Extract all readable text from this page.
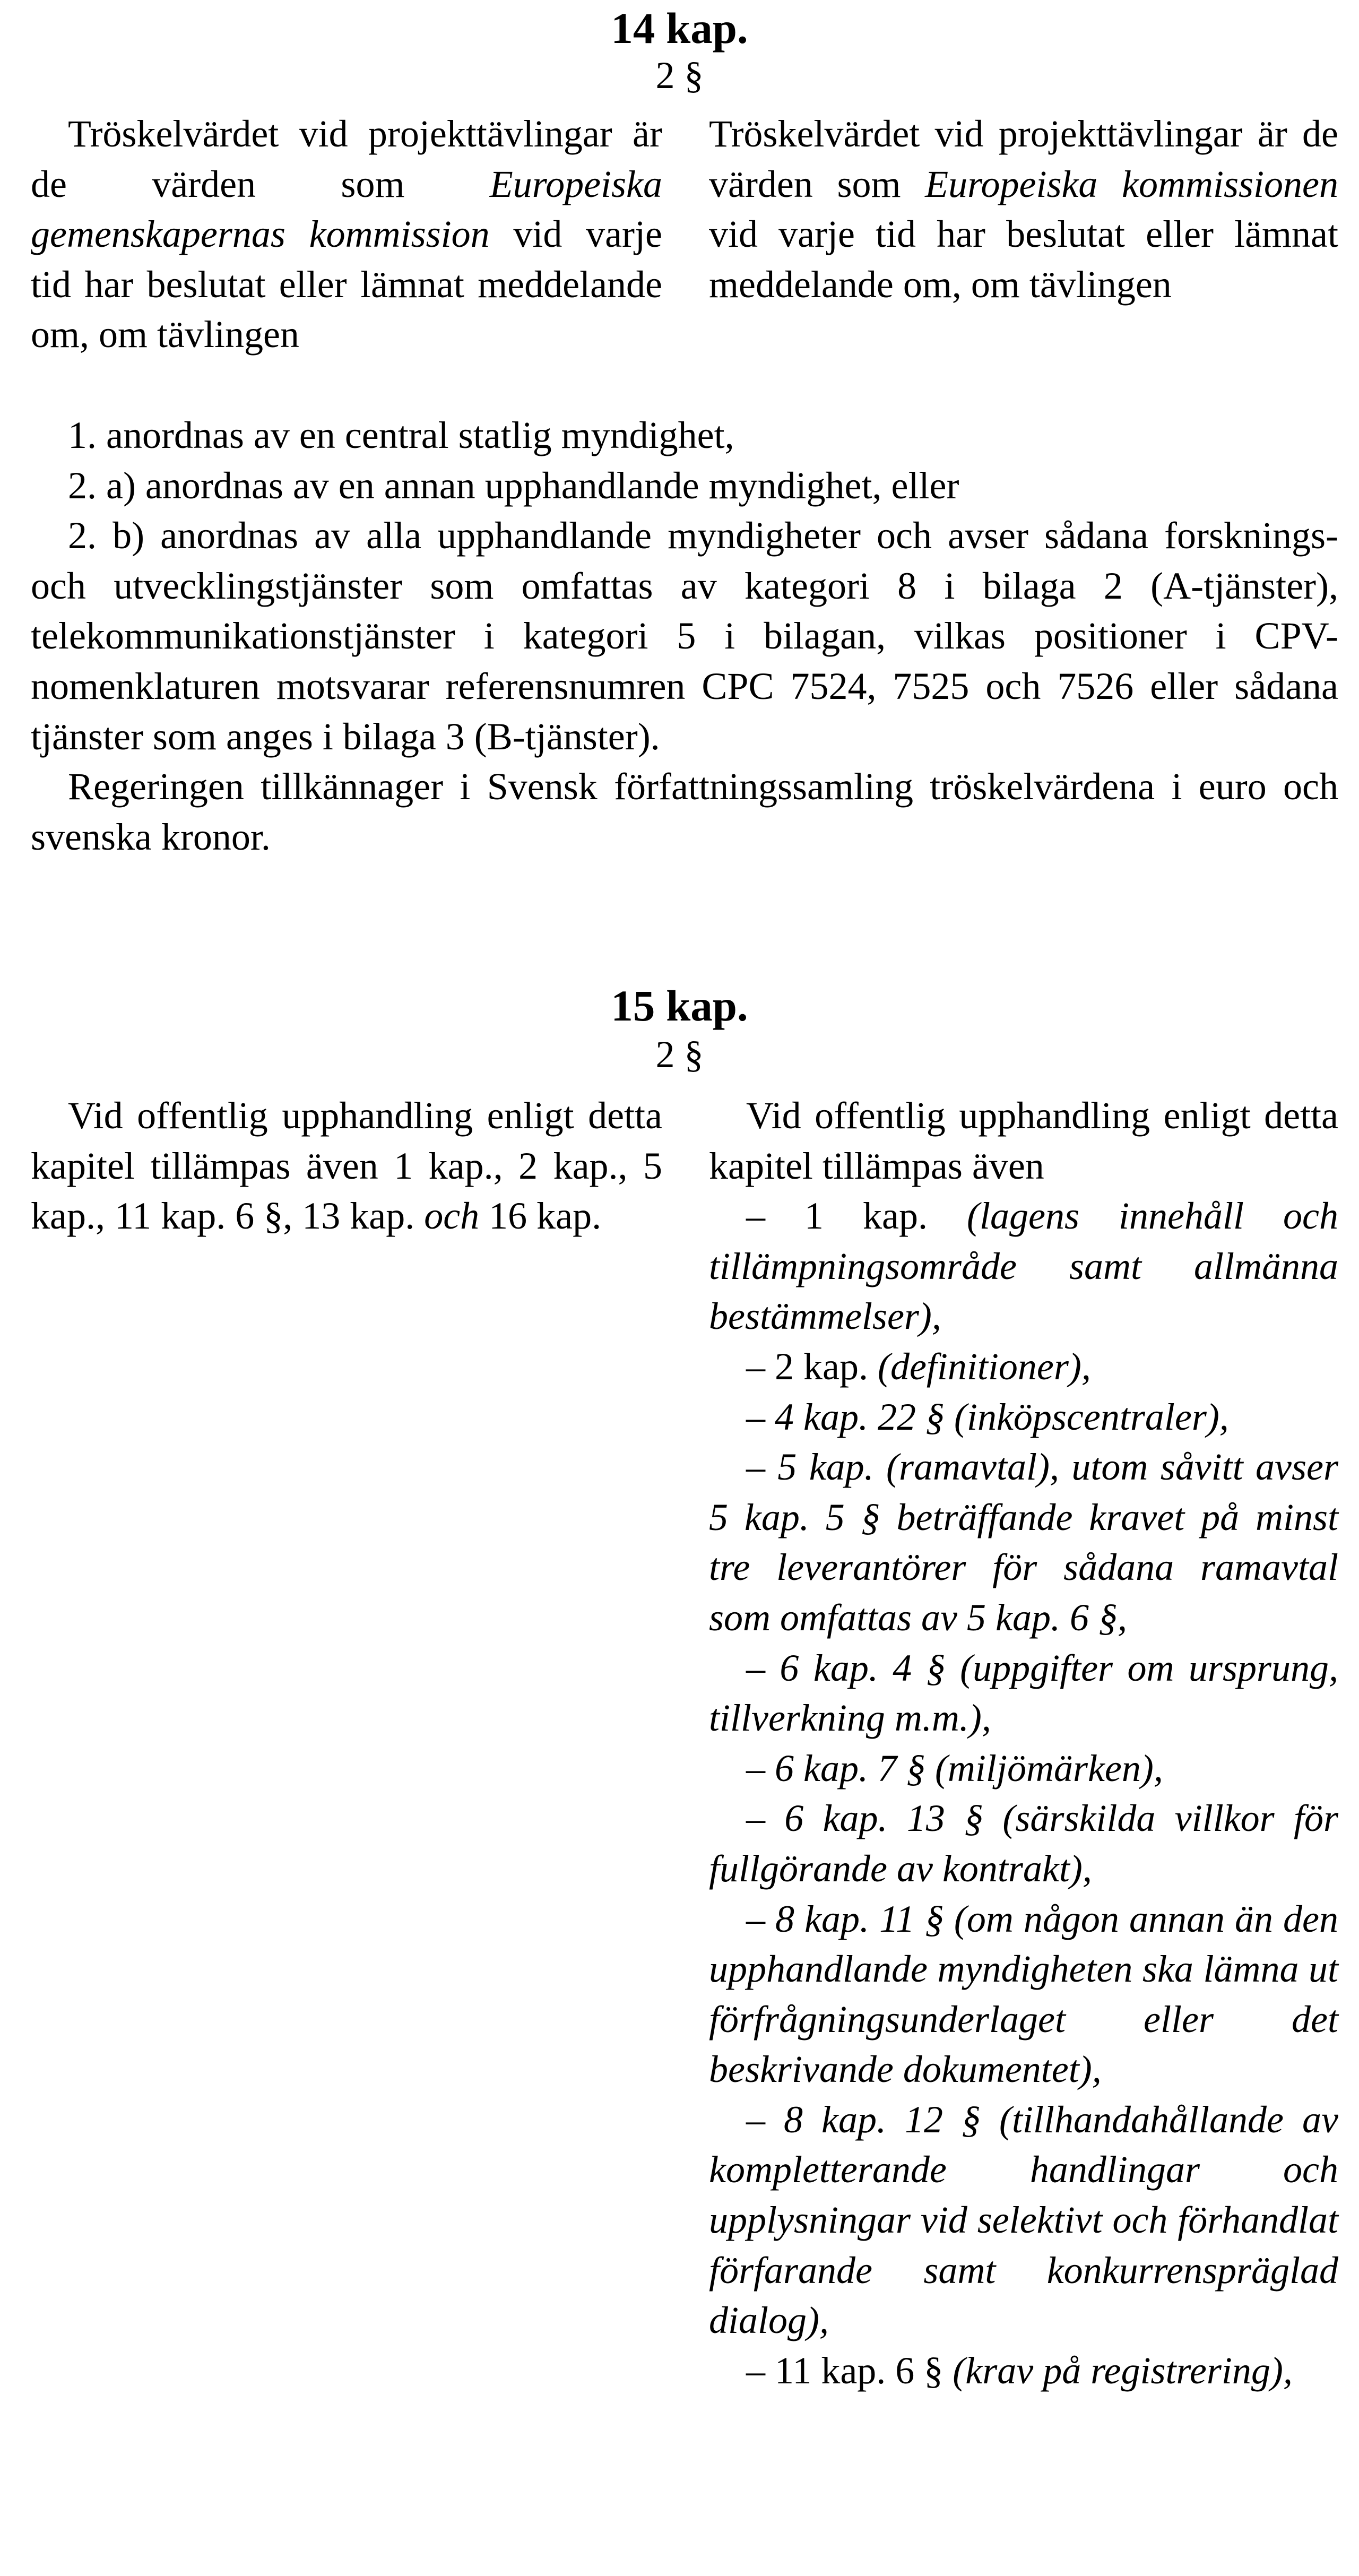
14 kap.
2 §

Tröskelvärdet vid projekttävlingar är de värden som Europeiska gemenskapernas kommission vid varje tid har beslutat eller lämnat meddelande om, om tävlingen

Tröskelvärdet vid projekttävlingar är de värden som Europeiska kommissionen vid varje tid har beslutat eller lämnat meddelande om, om tävlingen

1. anordnas av en central statlig myndighet,

2. a) anordnas av en annan upphandlande myndighet, eller

2. b) anordnas av alla upphandlande myndigheter och avser sådana forsknings- och utvecklingstjänster som omfattas av kategori 8 i bilaga 2 (A-tjänster), telekommunikationstjänster i kategori 5 i bilagan, vilkas positioner i CPV-nomenklaturen motsvarar referensnumren CPC 7524, 7525 och 7526 eller sådana tjänster som anges i bilaga 3 (B-tjänster).

Regeringen tillkännager i Svensk författningssamling tröskelvärdena i euro och svenska kronor.

15 kap.
2 §

Vid offentlig upphandling enligt detta kapitel tillämpas även 1 kap., 2 kap., 5 kap., 11 kap. 6 §, 13 kap. och 16 kap.

Vid offentlig upphandling enligt detta kapitel tillämpas även

– 1 kap. (lagens innehåll och tillämpningsområde samt allmänna bestämmelser),

– 2 kap. (definitioner),

– 4 kap. 22 § (inköpscentraler),

– 5 kap. (ramavtal), utom såvitt avser 5 kap. 5 § beträffande kravet på minst tre leverantörer för sådana ramavtal som omfattas av 5 kap. 6 §,

– 6 kap. 4 § (uppgifter om ursprung, tillverkning m.m.),

– 6 kap. 7 § (miljömärken),

– 6 kap. 13 § (särskilda villkor för fullgörande av kontrakt),

– 8 kap. 11 § (om någon annan än den upphandlande myndigheten ska lämna ut förfrågningsunderlaget eller det beskrivande dokumentet),

– 8 kap. 12 § (tillhandahållande av kompletterande handlingar och upplysningar vid selektivt och förhandlat förfarande samt konkurrenspräglad dialog),

– 11 kap. 6 § (krav på registrering),
